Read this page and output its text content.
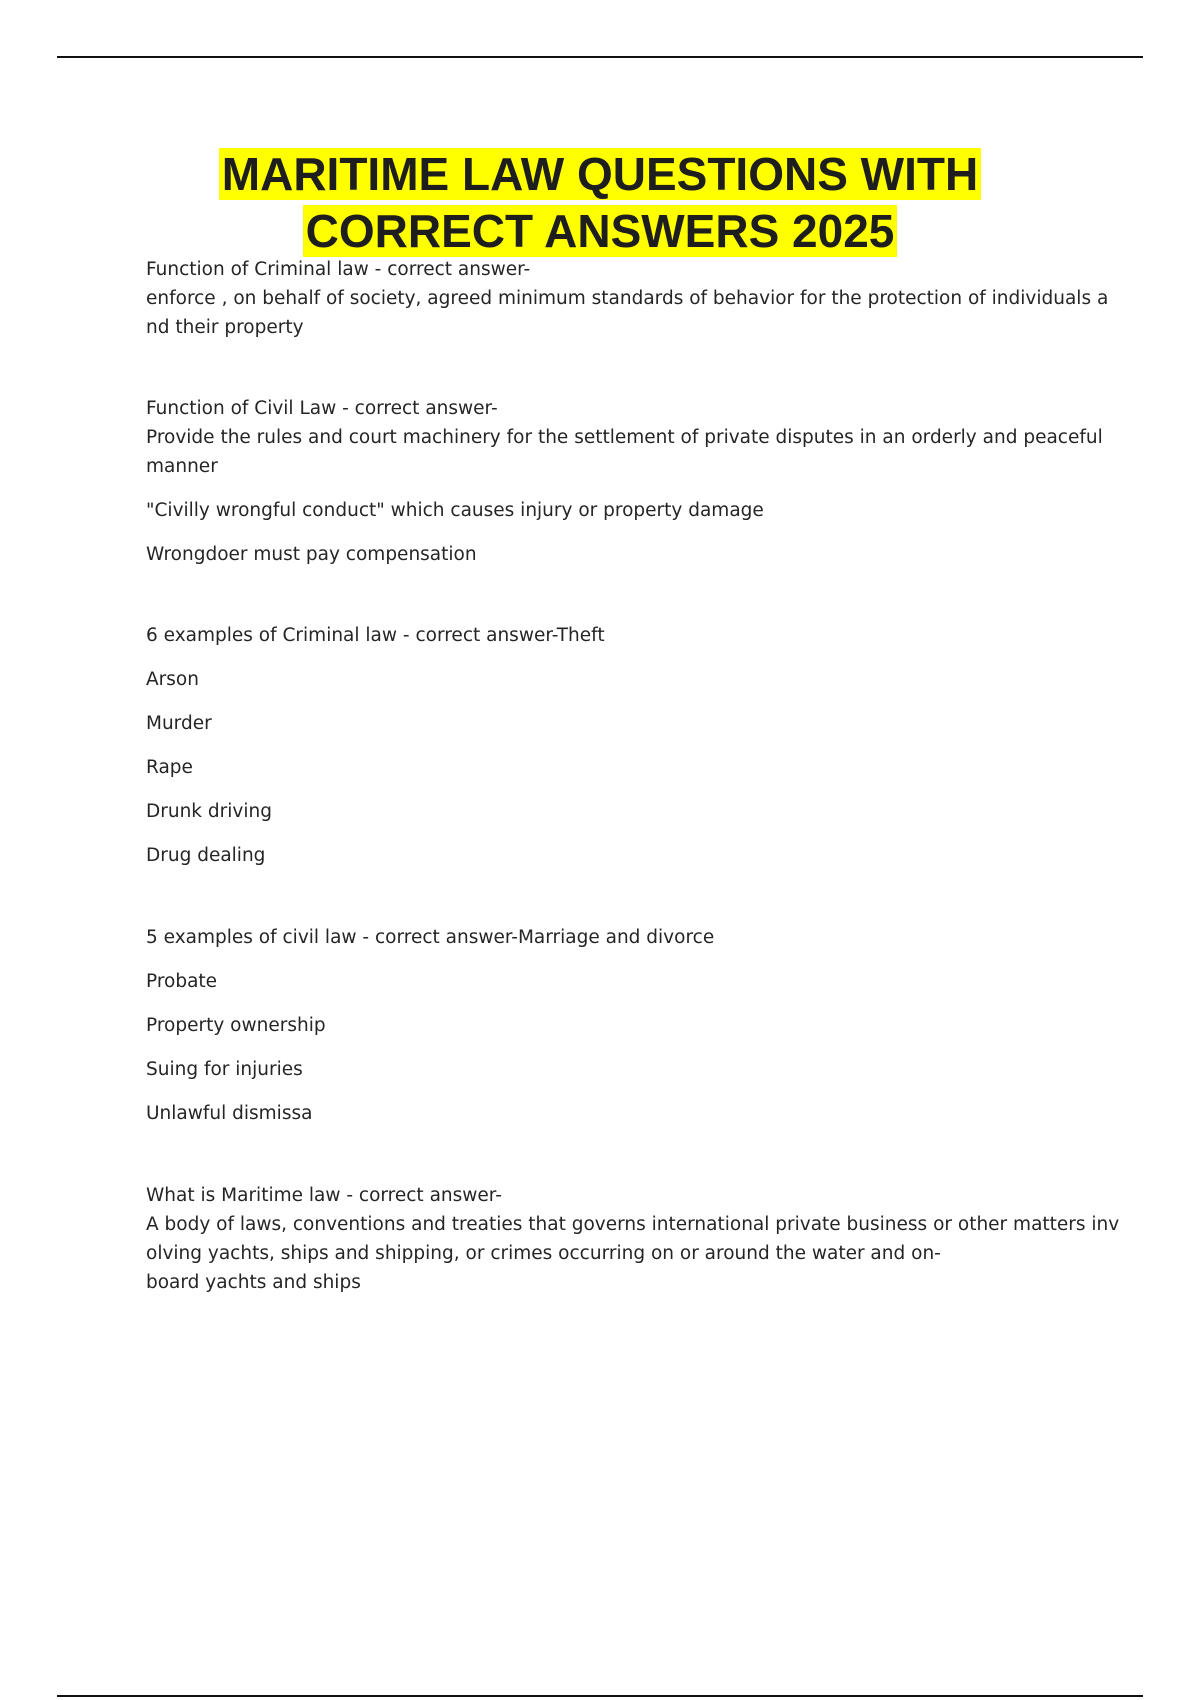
MARITIME LAW QUESTIONS WITH
CORRECT ANSWERS 2025
Function of Criminal law - correct answer-
enforce , on behalf of society, agreed minimum standards of behavior for the protection of individuals a
nd their property
Function of Civil Law - correct answer-
Provide the rules and court machinery for the settlement of private disputes in an orderly and peaceful
manner
"Civilly wrongful conduct" which causes injury or property damage
Wrongdoer must pay compensation
6 examples of Criminal law - correct answer-Theft
Arson
Murder
Rape
Drunk driving
Drug dealing
5 examples of civil law - correct answer-Marriage and divorce
Probate
Property ownership
Suing for injuries
Unlawful dismissa
What is Maritime law - correct answer-
A body of laws, conventions and treaties that governs international private business or other matters inv
olving yachts, ships and shipping, or crimes occurring on or around the water and on-
board yachts and ships
